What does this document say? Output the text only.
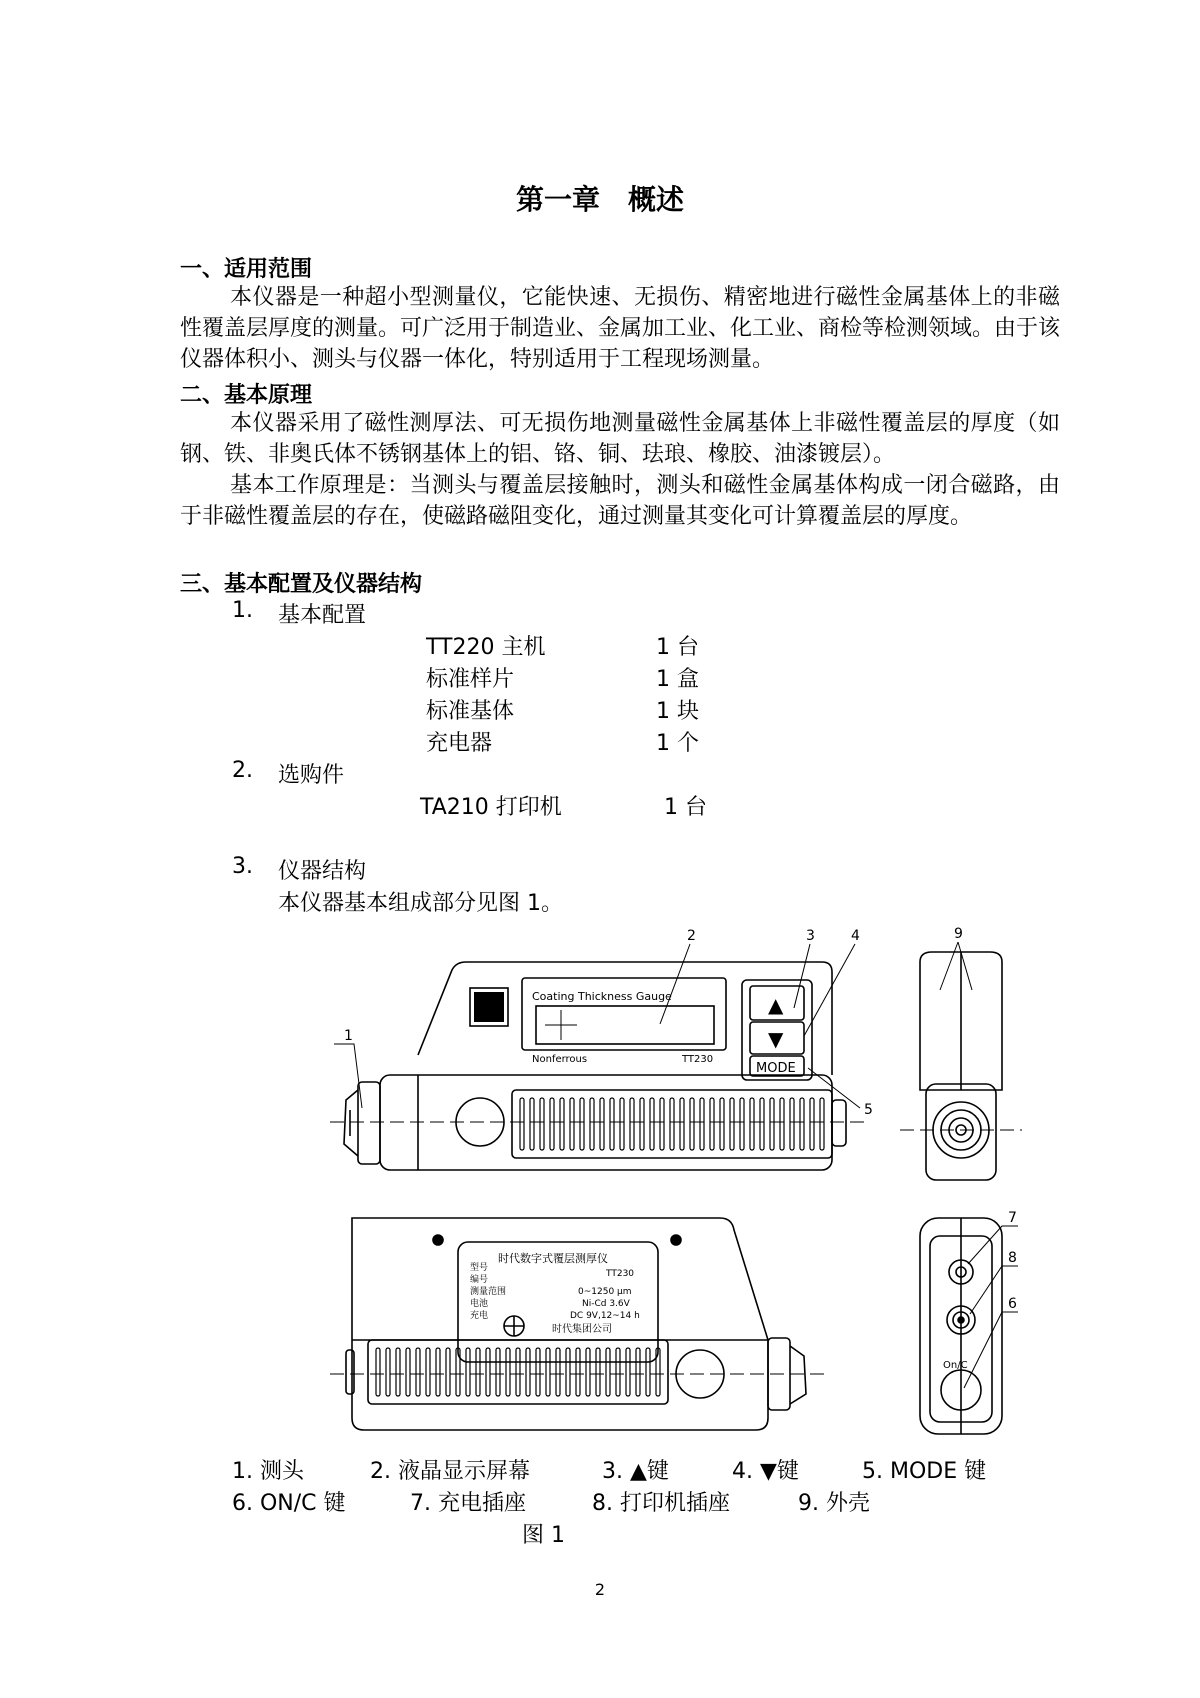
第一章　概述
一、适用范围
本仪器是一种超小型测量仪，它能快速、无损伤、精密地进行磁性金属基体上的非磁性覆盖层厚度的测量。可广泛用于制造业、金属加工业、化工业、商检等检测领域。由于该仪器体积小、测头与仪器一体化，特别适用于工程现场测量。
二、基本原理
本仪器采用了磁性测厚法、可无损伤地测量磁性金属基体上非磁性覆盖层的厚度（如钢、铁、非奥氏体不锈钢基体上的铝、铬、铜、珐琅、橡胶、油漆镀层）。
基本工作原理是：当测头与覆盖层接触时，测头和磁性金属基体构成一闭合磁路，由于非磁性覆盖层的存在，使磁路磁阻变化，通过测量其变化可计算覆盖层的厚度。
三、基本配置及仪器结构
1. 基本配置
TT220 主机	1 台
标准样片	1 盒
标准基体	1 块
充电器	1 个
2. 选购件
TA210 打印机	1 台
3. 仪器结构
本仪器基本组成部分见图 1。
Coating Thickness Gauge
Nonferrous	TT230
▲
▼
MODE
时代数字式覆层测厚仪
TT230
型号
编号
测量范围
电池
充电
0~1250 μm
Ni-Cd 3.6V
DC 9V,12~14 h
时代集团公司
On/C
1
2	3	4
5
6
7
8
9
1. 测头	2. 液晶显示屏幕	3. ▲键	4. ▼键	5. MODE 键
6. ON/C 键	7. 充电插座	8. 打印机插座	9. 外壳
图 1
2
